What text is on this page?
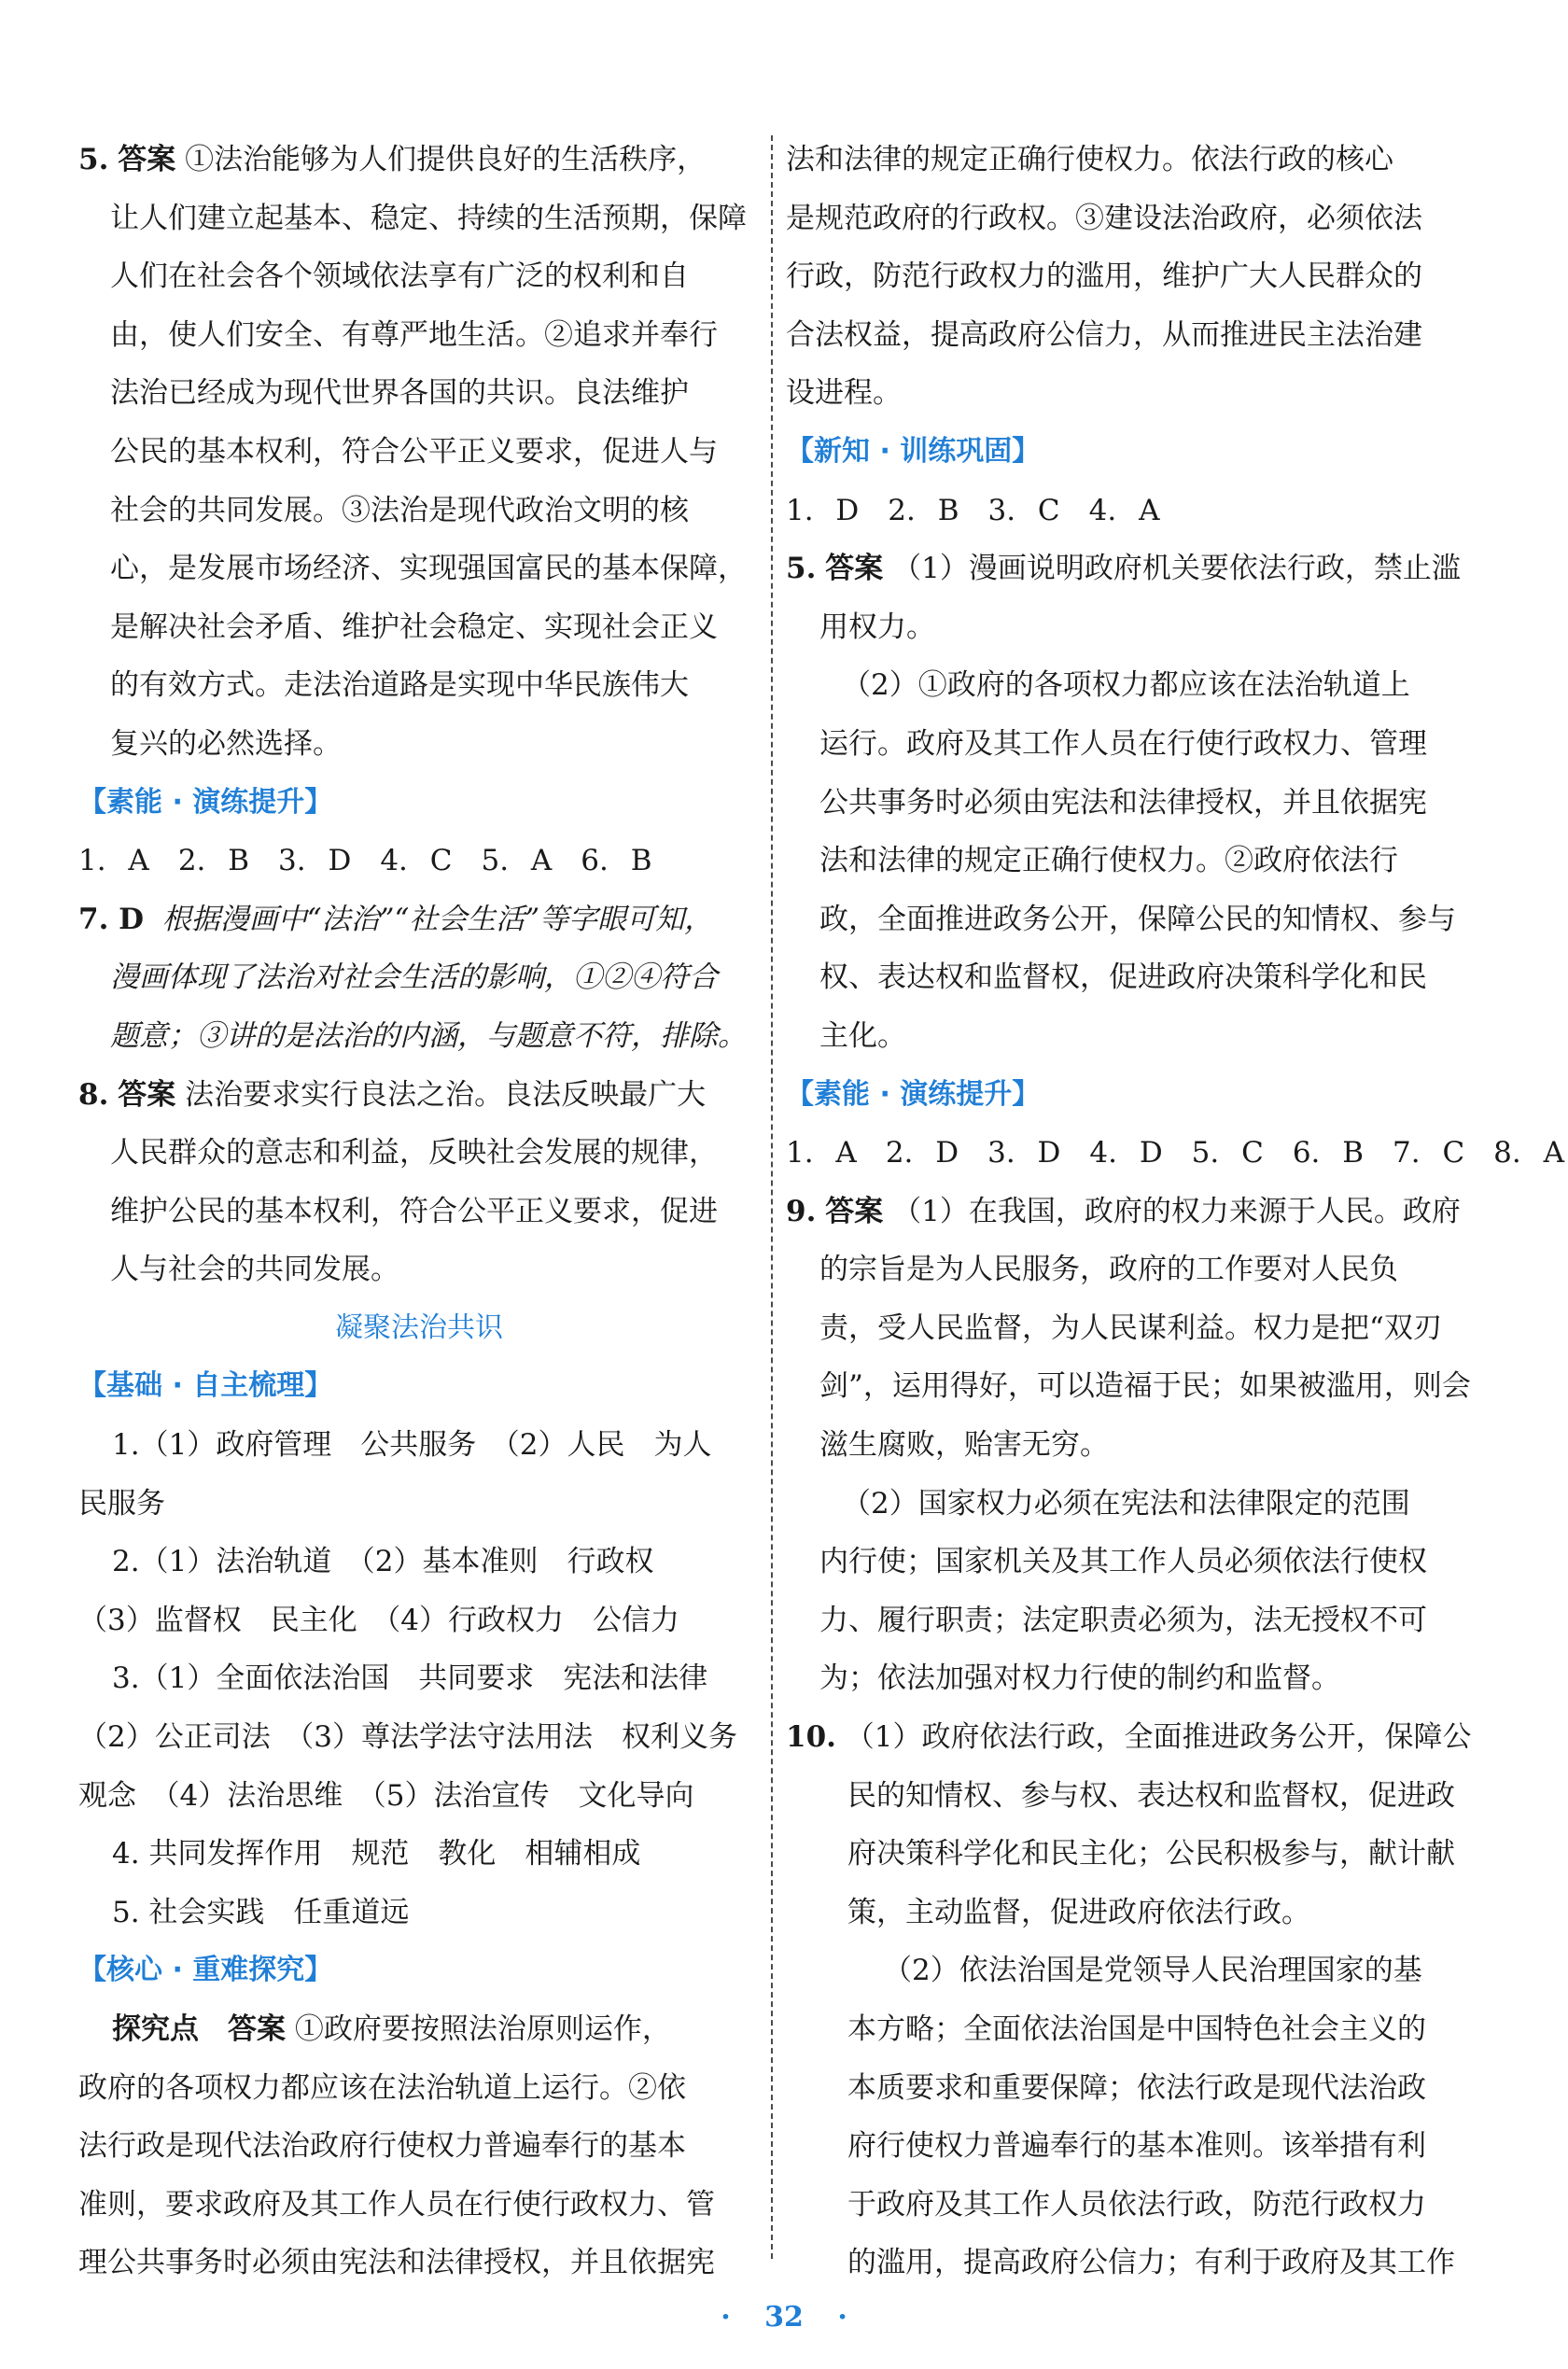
5. 答案 ①法治能够为人们提供良好的生活秩序，
让人们建立起基本、稳定、持续的生活预期，保障
人们在社会各个领域依法享有广泛的权利和自
由，使人们安全、有尊严地生活。②追求并奉行
法治已经成为现代世界各国的共识。良法维护
公民的基本权利，符合公平正义要求，促进人与
社会的共同发展。③法治是现代政治文明的核
心，是发展市场经济、实现强国富民的基本保障，
是解决社会矛盾、维护社会稳定、实现社会正义
的有效方式。走法治道路是实现中华民族伟大
复兴的必然选择。
【素能 · 演练提升】
1. A　2. B　3. D　4. C　5. A　6. B
7. D 根据漫画中“法治”“社会生活”等字眼可知，
漫画体现了法治对社会生活的影响，①②④符合
题意；③讲的是法治的内涵，与题意不符，排除。
8. 答案 法治要求实行良法之治。良法反映最广大
人民群众的意志和利益，反映社会发展的规律，
维护公民的基本权利，符合公平正义要求，促进
人与社会的共同发展。
凝聚法治共识
【基础 · 自主梳理】
1.（1）政府管理　公共服务　（2）人民　为人
民服务
2.（1）法治轨道　（2）基本准则　行政权
（3）监督权　民主化　（4）行政权力　公信力
3.（1）全面依法治国　共同要求　宪法和法律
（2）公正司法　（3）尊法学法守法用法　权利义务
观念　（4）法治思维　（5）法治宣传　文化导向
4. 共同发挥作用　规范　教化　相辅相成
5. 社会实践　任重道远
【核心 · 重难探究】
探究点　答案 ①政府要按照法治原则运作，
政府的各项权力都应该在法治轨道上运行。②依
法行政是现代法治政府行使权力普遍奉行的基本
准则，要求政府及其工作人员在行使行政权力、管
理公共事务时必须由宪法和法律授权，并且依据宪
法和法律的规定正确行使权力。依法行政的核心
是规范政府的行政权。③建设法治政府，必须依法
行政，防范行政权力的滥用，维护广大人民群众的
合法权益，提高政府公信力，从而推进民主法治建
设进程。
【新知 · 训练巩固】
1. D　2. B　3. C　4. A
5. 答案 （1）漫画说明政府机关要依法行政，禁止滥
用权力。
（2）①政府的各项权力都应该在法治轨道上
运行。政府及其工作人员在行使行政权力、管理
公共事务时必须由宪法和法律授权，并且依据宪
法和法律的规定正确行使权力。②政府依法行
政，全面推进政务公开，保障公民的知情权、参与
权、表达权和监督权，促进政府决策科学化和民
主化。
【素能 · 演练提升】
1. A　2. D　3. D　4. D　5. C　6. B　7. C　8. A
9. 答案 （1）在我国，政府的权力来源于人民。政府
的宗旨是为人民服务，政府的工作要对人民负
责，受人民监督，为人民谋利益。权力是把“双刃
剑”，运用得好，可以造福于民；如果被滥用，则会
滋生腐败，贻害无穷。
（2）国家权力必须在宪法和法律限定的范围
内行使；国家机关及其工作人员必须依法行使权
力、履行职责；法定职责必须为，法无授权不可
为；依法加强对权力行使的制约和监督。
10. （1）政府依法行政，全面推进政务公开，保障公
民的知情权、参与权、表达权和监督权，促进政
府决策科学化和民主化；公民积极参与，献计献
策，主动监督，促进政府依法行政。
（2）依法治国是党领导人民治理国家的基
本方略；全面依法治国是中国特色社会主义的
本质要求和重要保障；依法行政是现代法治政
府行使权力普遍奉行的基本准则。该举措有利
于政府及其工作人员依法行政，防范行政权力
的滥用，提高政府公信力；有利于政府及其工作
· 32 ·
